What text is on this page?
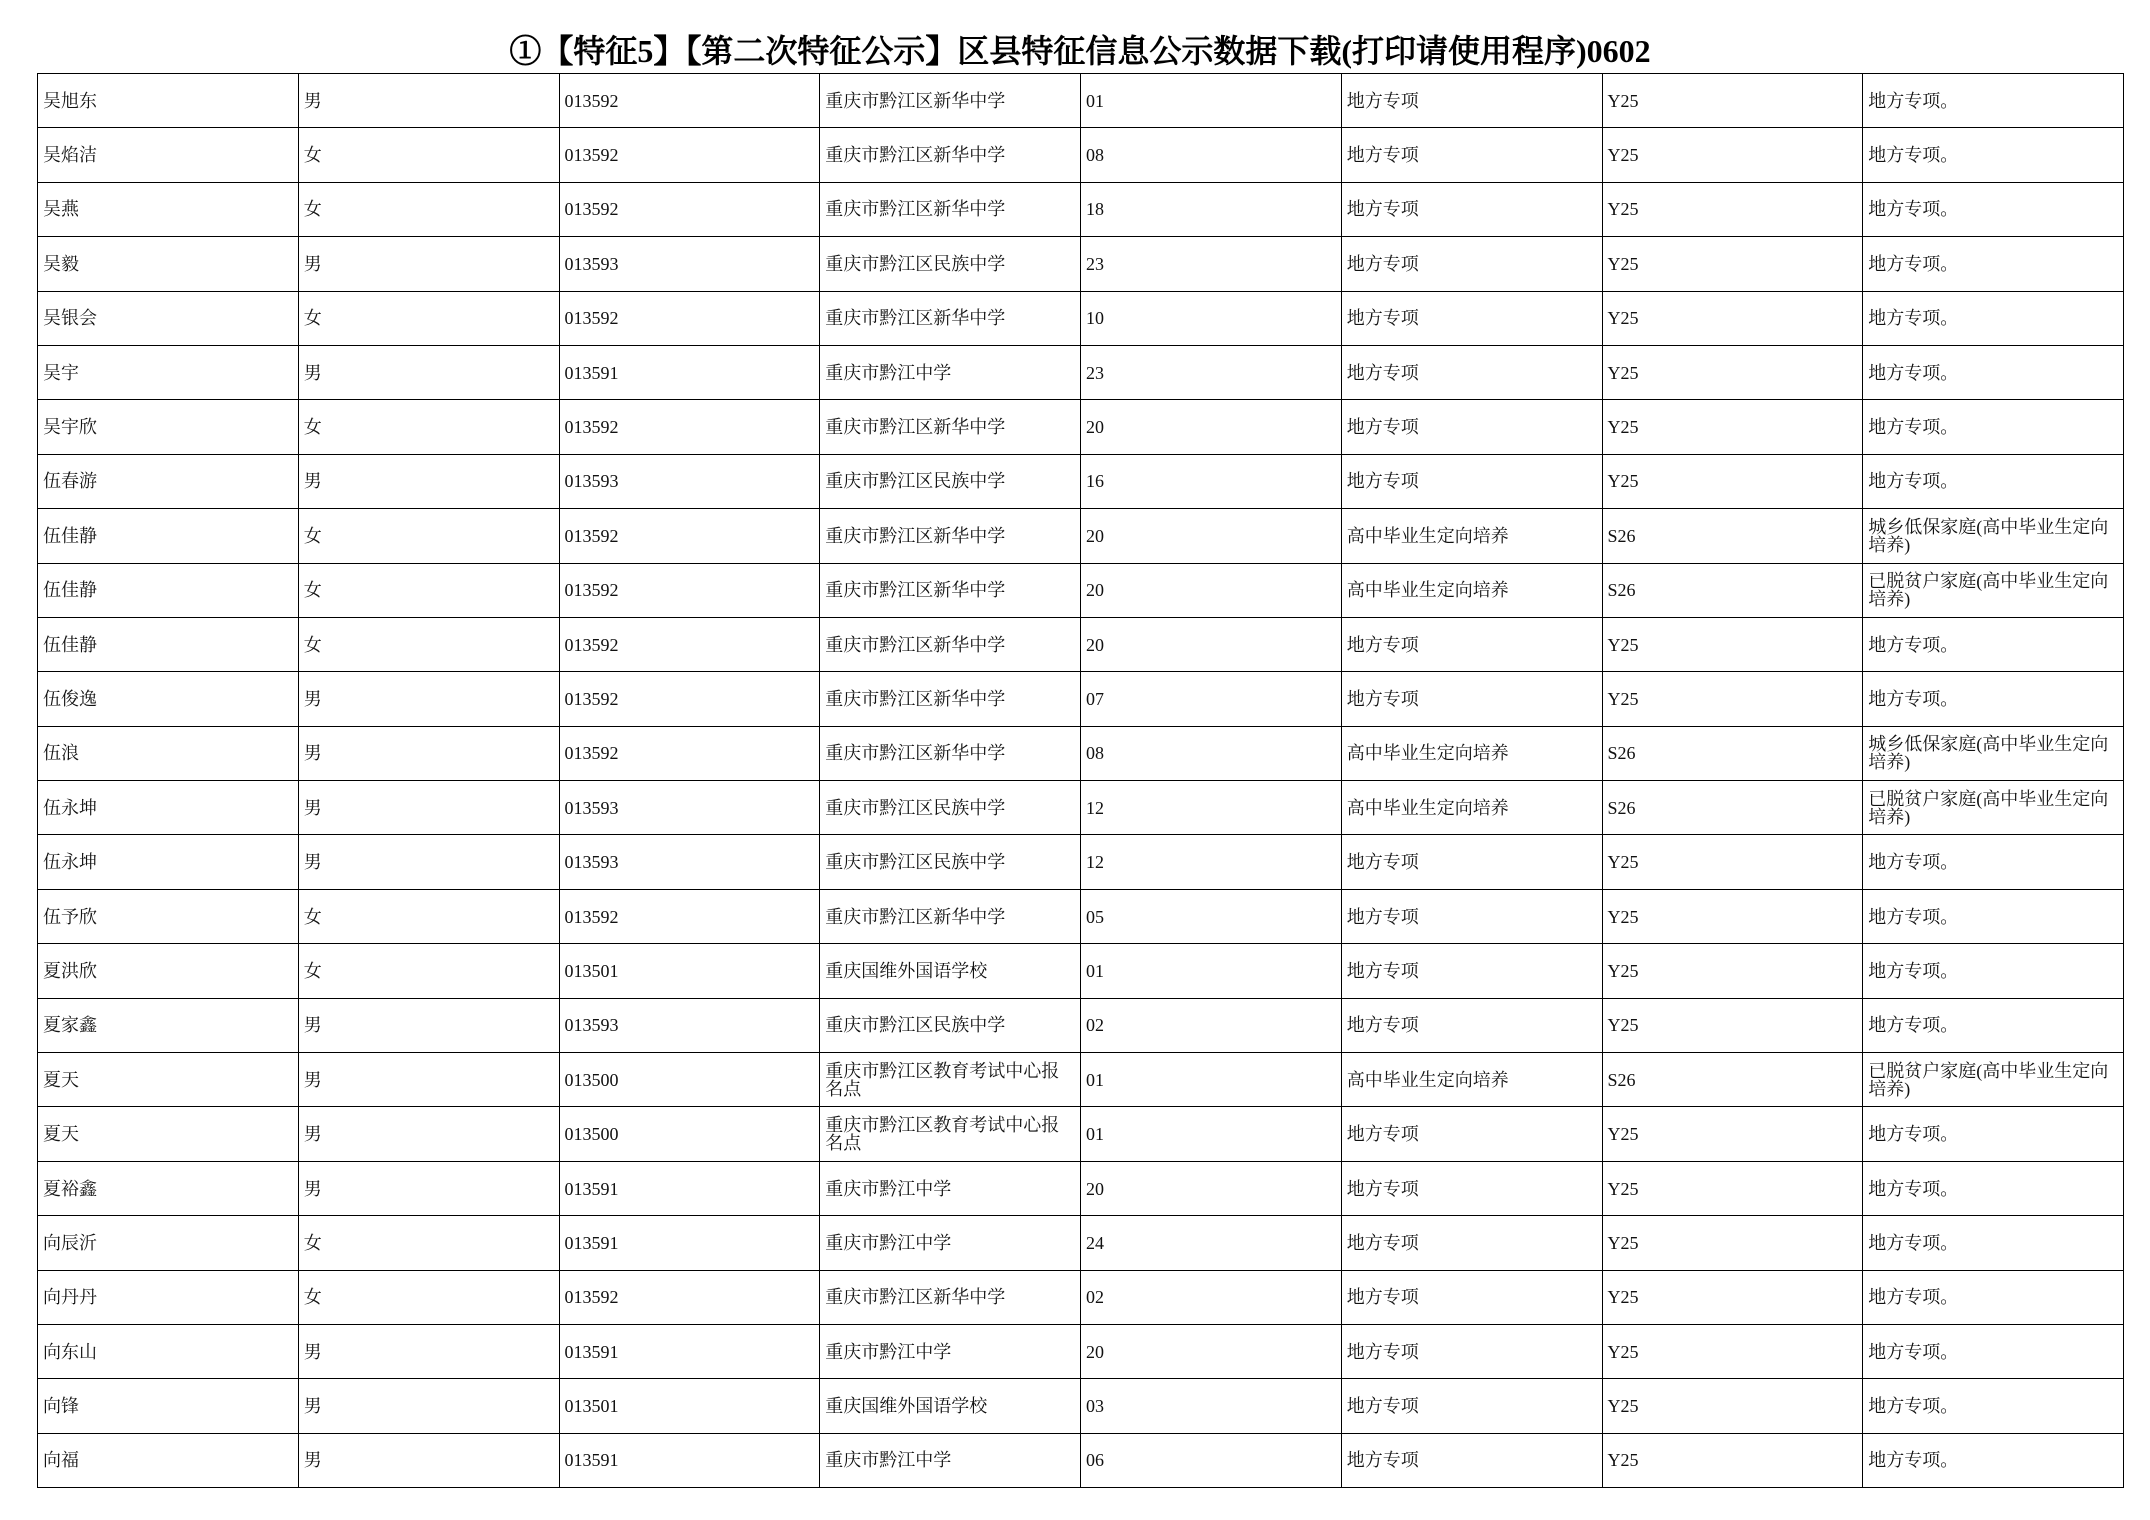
①【特征5】【第二次特征公示】区县特征信息公示数据下载(打印请使用程序)0602
吴旭东	男	013592	重庆市黔江区新华中学	01	地方专项	Y25	地方专项。
吴焰洁	女	013592	重庆市黔江区新华中学	08	地方专项	Y25	地方专项。
吴燕	女	013592	重庆市黔江区新华中学	18	地方专项	Y25	地方专项。
吴毅	男	013593	重庆市黔江区民族中学	23	地方专项	Y25	地方专项。
吴银会	女	013592	重庆市黔江区新华中学	10	地方专项	Y25	地方专项。
吴宇	男	013591	重庆市黔江中学	23	地方专项	Y25	地方专项。
吴宇欣	女	013592	重庆市黔江区新华中学	20	地方专项	Y25	地方专项。
伍春游	男	013593	重庆市黔江区民族中学	16	地方专项	Y25	地方专项。
伍佳静	女	013592	重庆市黔江区新华中学	20	高中毕业生定向培养	S26	城乡低保家庭(高中毕业生定向培养)
伍佳静	女	013592	重庆市黔江区新华中学	20	高中毕业生定向培养	S26	已脱贫户家庭(高中毕业生定向培养)
伍佳静	女	013592	重庆市黔江区新华中学	20	地方专项	Y25	地方专项。
伍俊逸	男	013592	重庆市黔江区新华中学	07	地方专项	Y25	地方专项。
伍浪	男	013592	重庆市黔江区新华中学	08	高中毕业生定向培养	S26	城乡低保家庭(高中毕业生定向培养)
伍永坤	男	013593	重庆市黔江区民族中学	12	高中毕业生定向培养	S26	已脱贫户家庭(高中毕业生定向培养)
伍永坤	男	013593	重庆市黔江区民族中学	12	地方专项	Y25	地方专项。
伍予欣	女	013592	重庆市黔江区新华中学	05	地方专项	Y25	地方专项。
夏洪欣	女	013501	重庆国维外国语学校	01	地方专项	Y25	地方专项。
夏家鑫	男	013593	重庆市黔江区民族中学	02	地方专项	Y25	地方专项。
夏天	男	013500	重庆市黔江区教育考试中心报名点	01	高中毕业生定向培养	S26	已脱贫户家庭(高中毕业生定向培养)
夏天	男	013500	重庆市黔江区教育考试中心报名点	01	地方专项	Y25	地方专项。
夏裕鑫	男	013591	重庆市黔江中学	20	地方专项	Y25	地方专项。
向辰沂	女	013591	重庆市黔江中学	24	地方专项	Y25	地方专项。
向丹丹	女	013592	重庆市黔江区新华中学	02	地方专项	Y25	地方专项。
向东山	男	013591	重庆市黔江中学	20	地方专项	Y25	地方专项。
向锋	男	013501	重庆国维外国语学校	03	地方专项	Y25	地方专项。
向福	男	013591	重庆市黔江中学	06	地方专项	Y25	地方专项。
